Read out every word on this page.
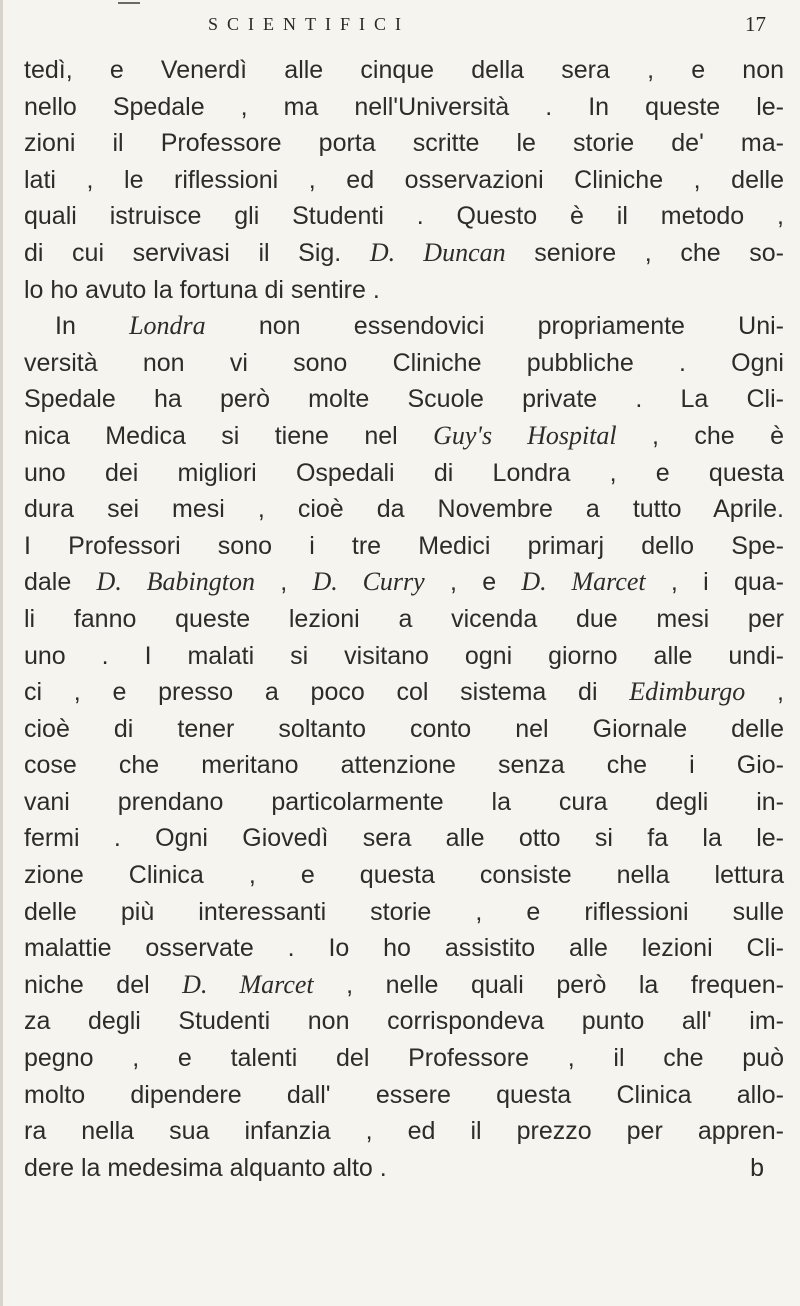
SCIENTIFICI	17
tedì, e Venerdì alle cinque della sera , e non
nello Spedale , ma nell'Università . In queste le-
zioni il Professore porta scritte le storie de' ma-
lati , le riflessioni , ed osservazioni Cliniche , delle
quali istruisce gli Studenti . Questo è il metodo ,
di cui servivasi il Sig. D. Duncan seniore , che so-
lo ho avuto la fortuna di sentire .
In Londra non essendovici propriamente Uni-
versità non vi sono Cliniche pubbliche . Ogni
Spedale ha però molte Scuole private . La Cli-
nica Medica si tiene nel Guy's Hospital , che è
uno dei migliori Ospedali di Londra , e questa
dura sei mesi , cioè da Novembre a tutto Aprile.
I Professori sono i tre Medici primarj dello Spe-
dale D. Babington , D. Curry , e D. Marcet , i qua-
li fanno queste lezioni a vicenda due mesi per
uno . I malati si visitano ogni giorno alle undi-
ci , e presso a poco col sistema di Edimburgo ,
cioè di tener soltanto conto nel Giornale delle
cose che meritano attenzione senza che i Gio-
vani prendano particolarmente la cura degli in-
fermi . Ogni Giovedì sera alle otto si fa la le-
zione Clinica , e questa consiste nella lettura
delle più interessanti storie , e riflessioni sulle
malattie osservate . Io ho assistito alle lezioni Cli-
niche del D. Marcet , nelle quali però la frequen-
za degli Studenti non corrispondeva punto all' im-
pegno , e talenti del Professore , il che può
molto dipendere dall' essere questa Clinica allo-
ra nella sua infanzia , ed il prezzo per appren-
dere la medesima alquanto alto .	b
